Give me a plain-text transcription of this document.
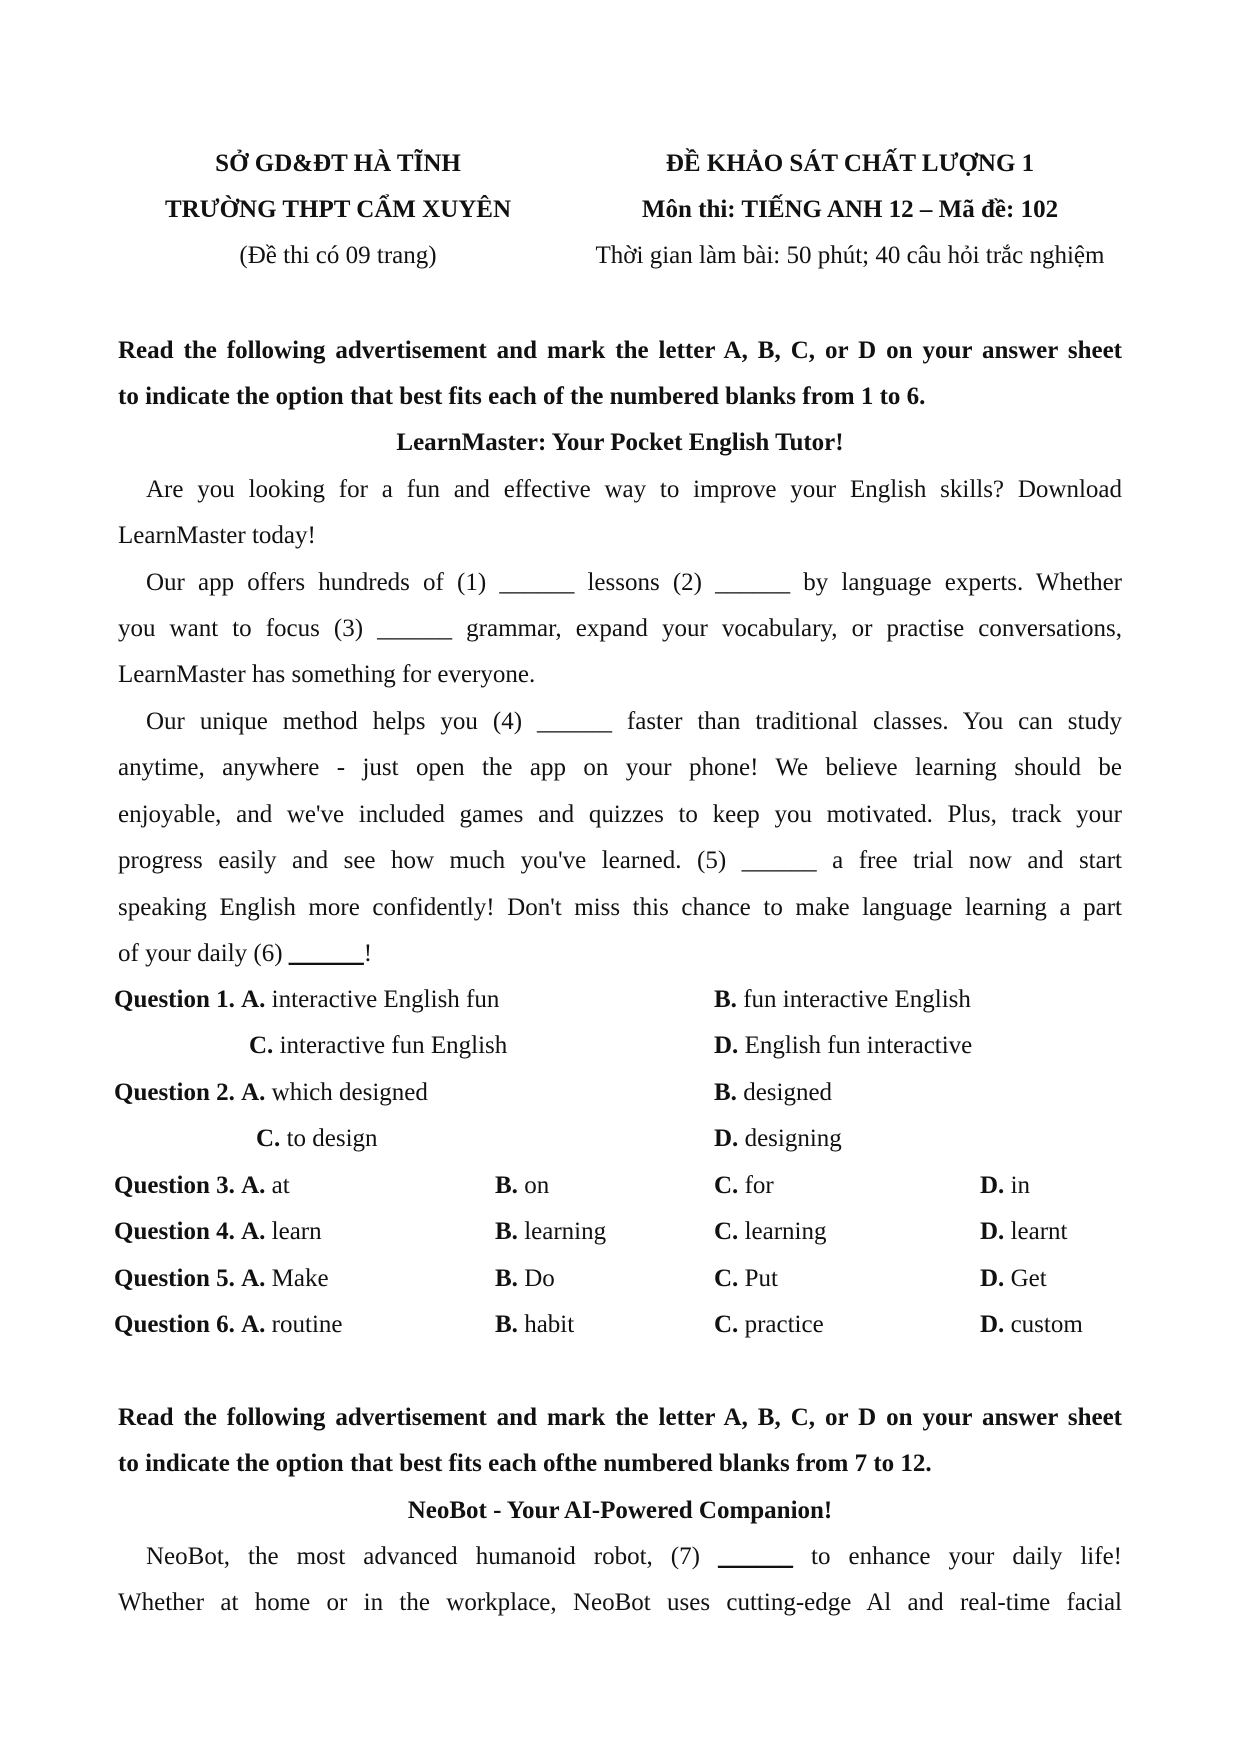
SỞ GD&ĐT HÀ TĨNH
TRƯỜNG THPT CẨM XUYÊN
(Đề thi có 09 trang)
ĐỀ KHẢO SÁT CHẤT LƯỢNG 1
Môn thi: TIẾNG ANH 12 – Mã đề: 102
Thời gian làm bài: 50 phút; 40 câu hỏi trắc nghiệm
Read the following advertisement and mark the letter A, B, C, or D on your answer sheet
to indicate the option that best fits each of the numbered blanks from 1 to 6.
LearnMaster: Your Pocket English Tutor!
Are you looking for a fun and effective way to improve your English skills? Download
LearnMaster today!
Our app offers hundreds of (1) ______ lessons (2) ______ by language experts. Whether
you want to focus (3) ______ grammar, expand your vocabulary, or practise conversations,
LearnMaster has something for everyone.
Our unique method helps you (4) ______ faster than traditional classes. You can study
anytime, anywhere - just open the app on your phone! We believe learning should be
enjoyable, and we've included games and quizzes to keep you motivated. Plus, track your
progress easily and see how much you've learned. (5) ______ a free trial now and start
speaking English more confidently! Don't miss this chance to make language learning a part
of your daily (6) ______!
Question 1. A. interactive English fun	B. fun interactive English
C. interactive fun English	D. English fun interactive
Question 2. A. which designed	B. designed
C. to design	D. designing
Question 3. A. at	B. on	C. for	D. in
Question 4. A. learn	B. learning	C. learning	D. learnt
Question 5. A. Make	B. Do	C. Put	D. Get
Question 6. A. routine	B. habit	C. practice	D. custom
Read the following advertisement and mark the letter A, B, C, or D on your answer sheet
to indicate the option that best fits each ofthe numbered blanks from 7 to 12.
NeoBot - Your AI-Powered Companion!
NeoBot, the most advanced humanoid robot, (7) ______ to enhance your daily life!
Whether at home or in the workplace, NeoBot uses cutting-edge Al and real-time facial
